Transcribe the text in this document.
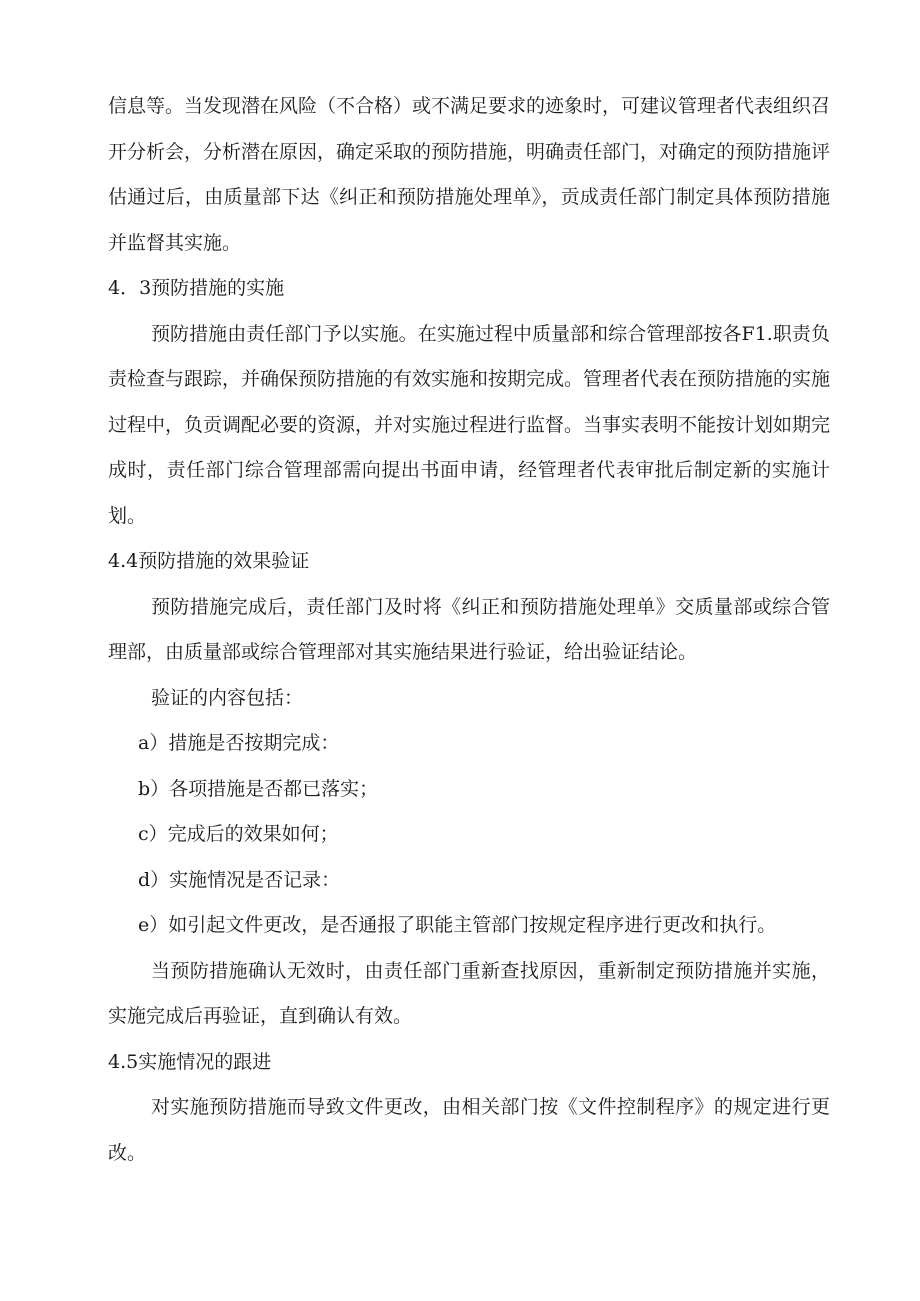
信息等。当发现潜在风险（不合格）或不满足要求的迹象时，可建议管理者代表组织召开分析会，分析潜在原因，确定采取的预防措施，明确责任部门，对确定的预防措施评估通过后，由质量部下达《纠正和预防措施处理单》，贡成责任部门制定具体预防措施并监督其实施。

4．3预防措施的实施

预防措施由责任部门予以实施。在实施过程中质量部和综合管理部按各F1.职责负责检查与跟踪，并确保预防措施的有效实施和按期完成。管理者代表在预防措施的实施过程中，负贡调配必要的资源，并对实施过程进行监督。当事实表明不能按计划如期完成时，责任部门综合管理部需向提出书面申请，经管理者代表审批后制定新的实施计划。

4.4预防措施的效果验证

预防措施完成后，责任部门及时将《纠正和预防措施处理单》交质量部或综合管理部，由质量部或综合管理部对其实施结果进行验证，给出验证结论。

验证的内容包括：

a）措施是否按期完成：

b）各项措施是否都已落实；

c）完成后的效果如何；

d）实施情况是否记录：

e）如引起文件更改，是否通报了职能主管部门按规定程序进行更改和执行。

当预防措施确认无效时，由责任部门重新查找原因，重新制定预防措施并实施，实施完成后再验证，直到确认有效。

4.5实施情况的跟进

对实施预防措施而导致文件更改，由相关部门按《文件控制程序》的规定进行更改。
